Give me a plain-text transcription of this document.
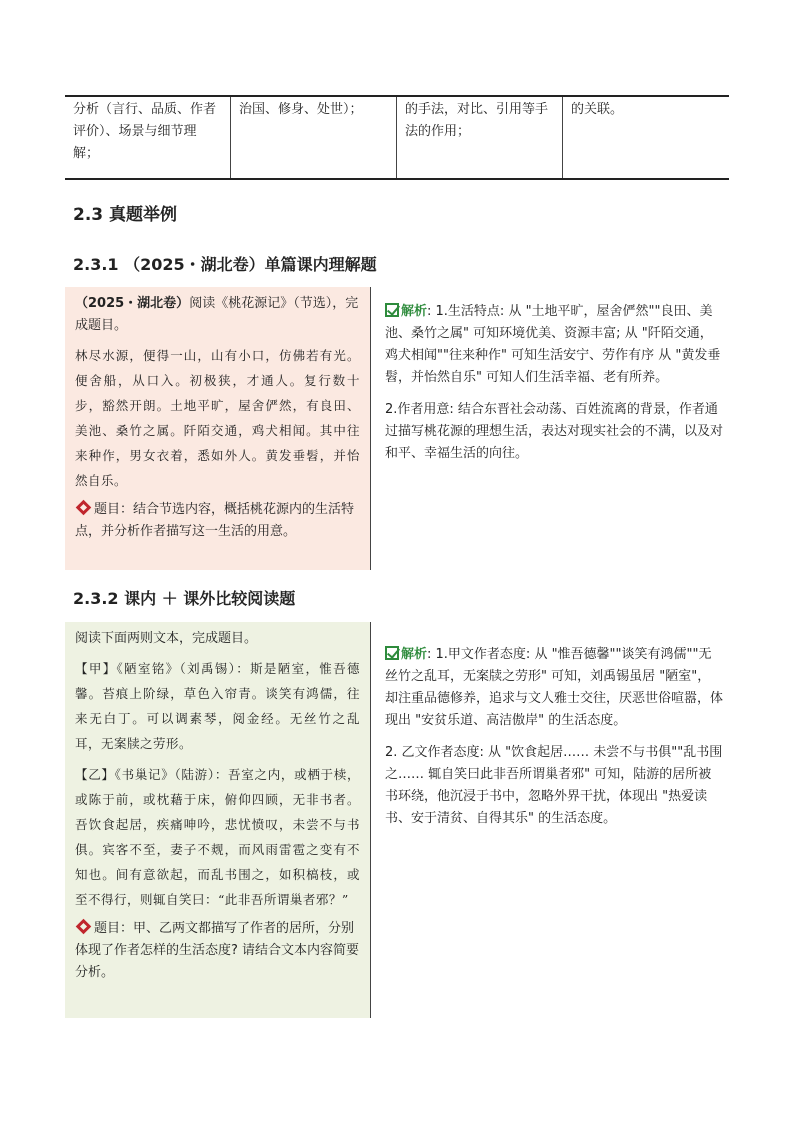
分析（言行、品质、作者评价）、场景与细节理解；
治国、修身、处世）；	的手法，对比、引用等手法的作用；
的关联。
2.3 真题举例
2.3.1 （2025・湖北卷）单篇课内理解题

（2025・湖北卷）阅读《桃花源记》（节选），完成题目。

林尽水源，便得一山，山有小口，仿佛若有光。便舍船，从口入。初极狭，才通人。复行数十步，豁然开朗。土地平旷，屋舍俨然，有良田、美池、桑竹之属。阡陌交通，鸡犬相闻。其中往来种作，男女衣着，悉如外人。黄发垂髫，并怡然自乐。

题目：结合节选内容，概括桃花源内的生活特点，并分析作者描写这一生活的用意。

解析: 1.生活特点: 从 "土地平旷，屋舍俨然""良田、美池、桑竹之属" 可知环境优美、资源丰富; 从 "阡陌交通，鸡犬相闻""往来种作" 可知生活安宁、劳作有序 从 "黄发垂髫，并怡然自乐" 可知人们生活幸福、老有所养。

2.作者用意: 结合东晋社会动荡、百姓流离的背景，作者通过描写桃花源的理想生活，表达对现实社会的不满，以及对和平、幸福生活的向往。

2.3.2 课内 ＋ 课外比较阅读题

阅读下面两则文本，完成题目。

【甲】《陋室铭》（刘禹锡）：斯是陋室，惟吾德馨。苔痕上阶绿，草色入帘青。谈笑有鸿儒，往来无白丁。可以调素琴，阅金经。无丝竹之乱耳，无案牍之劳形。

【乙】《书巢记》（陆游）：吾室之内，或栖于椟，或陈于前，或枕藉于床，俯仰四顾，无非书者。吾饮食起居，疾痛呻吟，悲忧愤叹，未尝不与书俱。宾客不至，妻子不觌，而风雨雷雹之变有不知也。间有意欲起，而乱书围之，如积槁枝，或至不得行，则辄自笑曰：“此非吾所谓巢者邪？”

题目：甲、乙两文都描写了作者的居所，分别体现了作者怎样的生活态度? 请结合文本内容简要分析。

解析: 1.甲文作者态度: 从 "惟吾德馨""谈笑有鸿儒""无丝竹之乱耳，无案牍之劳形" 可知，刘禹锡虽居 "陋室"，却注重品德修养，追求与文人雅士交往，厌恶世俗喧嚣，体现出 "安贫乐道、高洁傲岸" 的生活态度。

2. 乙文作者态度: 从 "饮食起居…… 未尝不与书俱""乱书围之…… 辄自笑曰此非吾所谓巢者邪" 可知，陆游的居所被书环绕，他沉浸于书中，忽略外界干扰，体现出 "热爱读书、安于清贫、自得其乐" 的生活态度。
